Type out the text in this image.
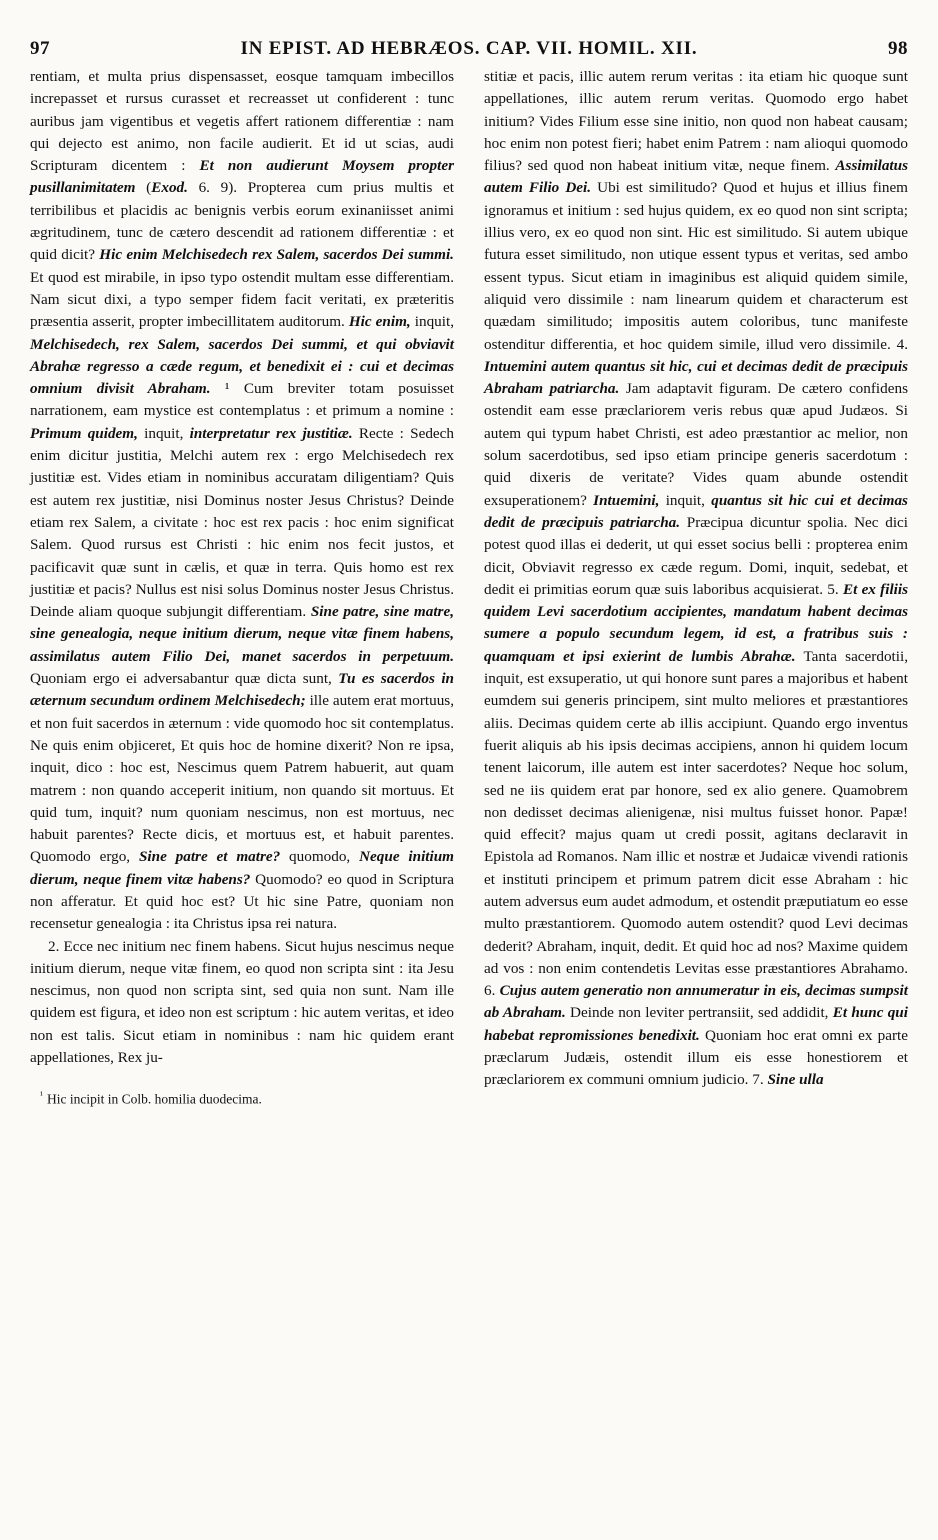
97	IN EPIST. AD HEBRÆOS. CAP. VII. HOMIL. XII.	98

rentiam, et multa prius dispensasset, eosque tamquam imbecillos increpasset et rursus curasset et recreasset ut confiderent : tunc auribus jam vigentibus et vegetis affert rationem differentiæ : nam qui dejecto est animo, non facile audierit. Et id ut scias, audi Scripturam dicentem : Et non audierunt Moysem propter pusillanimitatem (Exod. 6. 9). Propterea cum prius multis et terribilibus et placidis ac benignis verbis eorum exinaniisset animi ægritudinem, tunc de cætero descendit ad rationem differentiæ : et quid dicit? Hic enim Melchisedech rex Salem, sacerdos Dei summi. Et quod est mirabile, in ipso typo ostendit multam esse differentiam. Nam sicut dixi, a typo semper fidem facit veritati, ex præteritis præsentia asserit, propter imbecillitatem auditorum. Hic enim, inquit, Melchisedech, rex Salem, sacerdos Dei summi, et qui obviavit Abrahæ regresso a cæde regum, et benedixit ei : cui et decimas omnium divisit Abraham. ¹ Cum breviter totam posuisset narrationem, eam mystice est contemplatus : et primum a nomine : Primum quidem, inquit, interpretatur rex justitiæ. Recte : Sedech enim dicitur justitia, Melchi autem rex : ergo Melchisedech rex justitiæ est. Vides etiam in nominibus accuratam diligentiam? Quis est autem rex justitiæ, nisi Dominus noster Jesus Christus? Deinde etiam rex Salem, a civitate : hoc est rex pacis : hoc enim significat Salem. Quod rursus est Christi : hic enim nos fecit justos, et pacificavit quæ sunt in cælis, et quæ in terra. Quis homo est rex justitiæ et pacis? Nullus est nisi solus Dominus noster Jesus Christus. Deinde aliam quoque subjungit differentiam. Sine patre, sine matre, sine genealogia, neque initium dierum, neque vitæ finem habens, assimilatus autem Filio Dei, manet sacerdos in perpetuum. Quoniam ergo ei adversabantur quæ dicta sunt, Tu es sacerdos in æternum secundum ordinem Melchisedech; ille autem erat mortuus, et non fuit sacerdos in æternum : vide quomodo hoc sit contemplatus. Ne quis enim objiceret, Et quis hoc de homine dixerit? Non re ipsa, inquit, dico : hoc est, Nescimus quem Patrem habuerit, aut quam matrem : non quando acceperit initium, non quando sit mortuus. Et quid tum, inquit? num quoniam nescimus, non est mortuus, nec habuit parentes? Recte dicis, et mortuus est, et habuit parentes. Quomodo ergo, Sine patre et matre? quomodo, Neque initium dierum, neque finem vitæ habens? Quomodo? eo quod in Scriptura non afferatur. Et quid hoc est? Ut hic sine Patre, quoniam non recensetur genealogia : ita Christus ipsa rei natura.

2. Ecce nec initium nec finem habens. Sicut hujus nescimus neque initium dierum, neque vitæ finem, eo quod non scripta sint : ita Jesu nescimus, non quod non scripta sint, sed quia non sunt. Nam ille quidem est figura, et ideo non est scriptum : hic autem veritas, et ideo non est talis. Sicut etiam in nominibus : nam hic quidem erant appellationes, Rex ju-

$^{^1}$ Hic incipit in Colb. homilia duodecima.

stitiæ et pacis, illic autem rerum veritas : ita etiam hic quoque sunt appellationes, illic autem rerum veritas. Quomodo ergo habet initium? Vides Filium esse sine initio, non quod non habeat causam; hoc enim non potest fieri; habet enim Patrem : nam alioqui quomodo filius? sed quod non habeat initium vitæ, neque finem. Assimilatus autem Filio Dei. Ubi est similitudo? Quod et hujus et illius finem ignoramus et initium : sed hujus quidem, ex eo quod non sint scripta; illius vero, ex eo quod non sint. Hic est similitudo. Si autem ubique futura esset similitudo, non utique essent typus et veritas, sed ambo essent typus. Sicut etiam in imaginibus est aliquid quidem simile, aliquid vero dissimile : nam linearum quidem et characterum est quædam similitudo; impositis autem coloribus, tunc manifeste ostenditur differentia, et hoc quidem simile, illud vero dissimile. 4. Intuemini autem quantus sit hic, cui et decimas dedit de præcipuis Abraham patriarcha. Jam adaptavit figuram. De cætero confidens ostendit eam esse præclariorem veris rebus quæ apud Judæos. Si autem qui typum habet Christi, est adeo præstantior ac melior, non solum sacerdotibus, sed ipso etiam principe generis sacerdotum : quid dixeris de veritate? Vides quam abunde ostendit exsuperationem? Intuemini, inquit, quantus sit hic cui et decimas dedit de præcipuis patriarcha. Præcipua dicuntur spolia. Nec dici potest quod illas ei dederit, ut qui esset socius belli : propterea enim dicit, Obviavit regresso ex cæde regum. Domi, inquit, sedebat, et dedit ei primitias eorum quæ suis laboribus acquisierat. 5. Et ex filiis quidem Levi sacerdotium accipientes, mandatum habent decimas sumere a populo secundum legem, id est, a fratribus suis : quamquam et ipsi exierint de lumbis Abrahæ. Tanta sacerdotii, inquit, est exsuperatio, ut qui honore sunt pares a majoribus et habent eumdem sui generis principem, sint multo meliores et præstantiores aliis. Decimas quidem certe ab illis accipiunt. Quando ergo inventus fuerit aliquis ab his ipsis decimas accipiens, annon hi quidem locum tenent laicorum, ille autem est inter sacerdotes? Neque hoc solum, sed ne iis quidem erat par honore, sed ex alio genere. Quamobrem non dedisset decimas alienigenæ, nisi multus fuisset honor. Papæ! quid effecit? majus quam ut credi possit, agitans declaravit in Epistola ad Romanos. Nam illic et nostræ et Judaicæ vivendi rationis et instituti principem et primum patrem dicit esse Abraham : hic autem adversus eum audet admodum, et ostendit præputiatum eo esse multo præstantiorem. Quomodo autem ostendit? quod Levi decimas dederit? Abraham, inquit, dedit. Et quid hoc ad nos? Maxime quidem ad vos : non enim contendetis Levitas esse præstantiores Abrahamo. 6. Cujus autem generatio non annumeratur in eis, decimas sumpsit ab Abraham. Deinde non leviter pertransiit, sed addidit, Et hunc qui habebat repromissiones benedixit. Quoniam hoc erat omni ex parte præclarum Judæis, ostendit illum eis esse honestiorem et præclariorem ex communi omnium judicio. 7. Sine ulla
